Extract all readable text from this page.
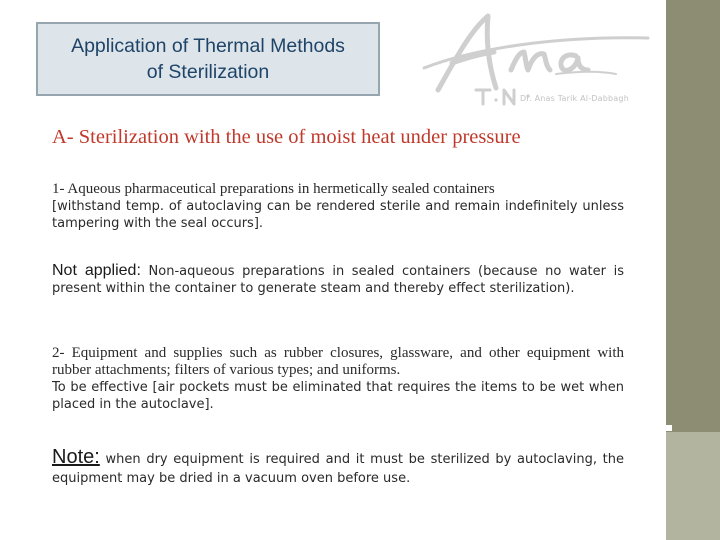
Application of Thermal Methods
of Sterilization
Dr. Anas Tarik Al-Dabbagh
A- Sterilization with the use of moist heat under pressure
1- Aqueous pharmaceutical preparations in hermetically sealed containers
[withstand temp. of autoclaving can be rendered sterile and remain indefinitely unless tampering with the seal occurs].
Not applied: Non-aqueous preparations in sealed containers (because no water is present within the container to generate steam and thereby effect sterilization).
2- Equipment and supplies such as rubber closures, glassware, and other equipment with rubber attachments; filters of various types; and uniforms.
To be effective [air pockets must be eliminated that requires the items to be wet when placed in the autoclave].
Note: when dry equipment is required and it must be sterilized by autoclaving, the equipment may be dried in a vacuum oven before use.
